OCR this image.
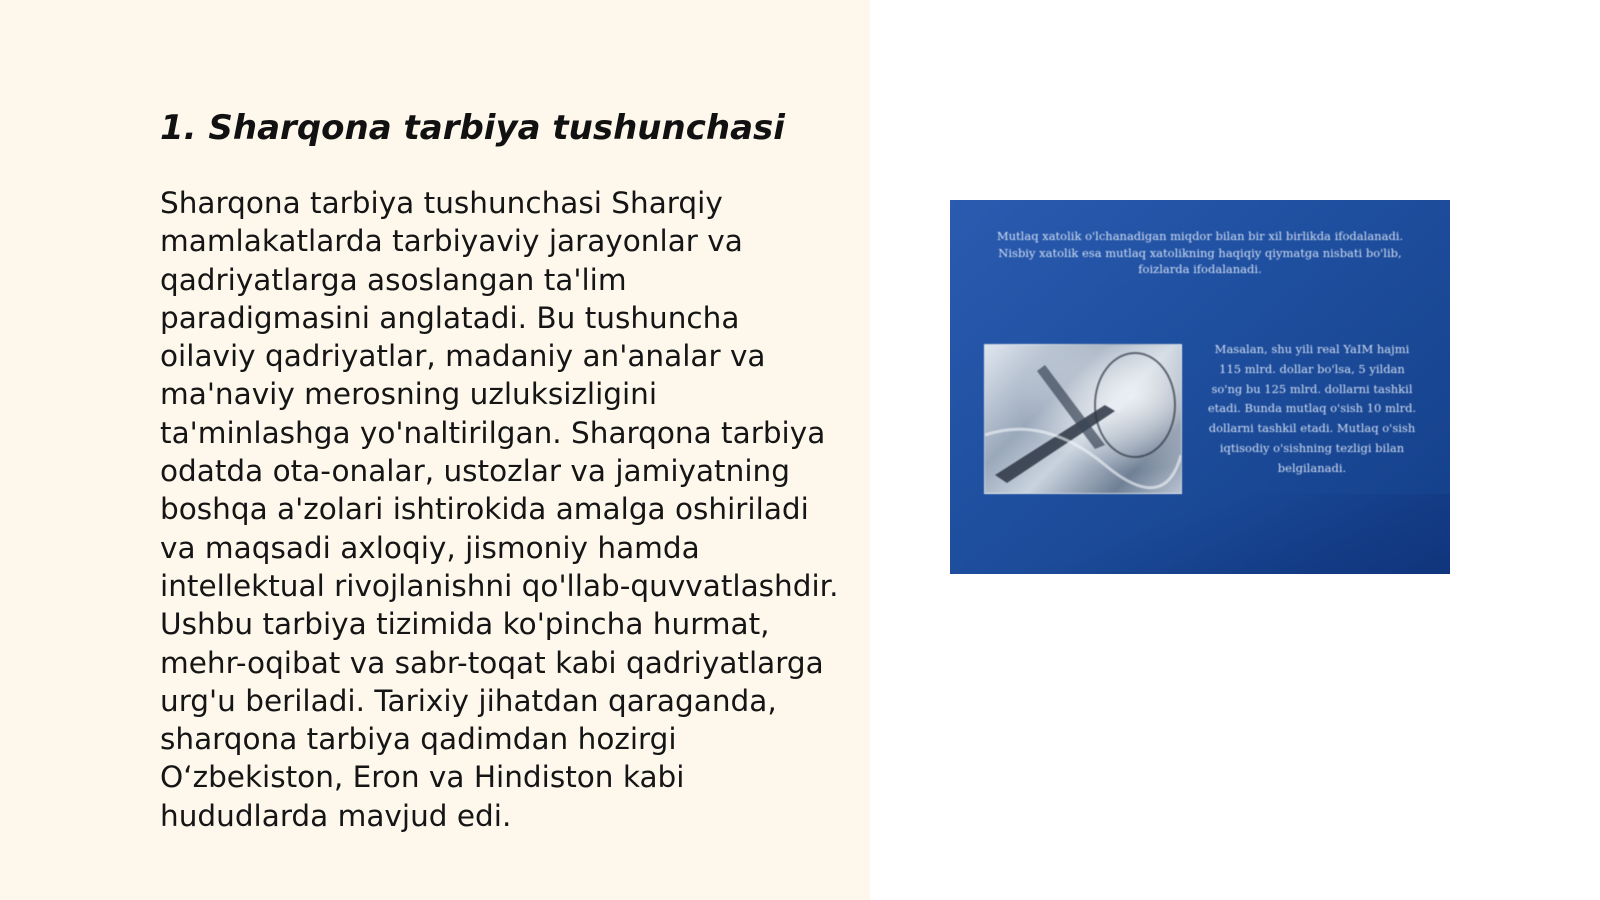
1. Sharqona tarbiya tushunchasi

Sharqona tarbiya tushunchasi Sharqiy mamlakatlarda tarbiyaviy jarayonlar va qadriyatlarga asoslangan ta'lim paradigmasini anglatadi. Bu tushuncha oilaviy qadriyatlar, madaniy an'analar va ma'naviy merosning uzluksizligini ta'minlashga yo'naltirilgan. Sharqona tarbiya odatda ota-onalar, ustozlar va jamiyatning boshqa a'zolari ishtirokida amalga oshiriladi va maqsadi axloqiy, jismoniy hamda intellektual rivojlanishni qo'llab-quvvatlashdir. Ushbu tarbiya tizimida ko'pincha hurmat, mehr-oqibat va sabr-toqat kabi qadriyatlarga urg'u beriladi. Tarixiy jihatdan qaraganda, sharqona tarbiya qadimdan hozirgi O‘zbekiston, Eron va Hindiston kabi hududlarda mavjud edi.

Mutlaq xatolik o'lchanadigan miqdor bilan bir xil birlikda ifodalanadi. Nisbiy xatolik esa mutlaq xatolikning haqiqiy qiymatga nisbati bo'lib, foizlarda ifodalanadi.

Masalan, shu yili real YaIM hajmi 115 mlrd. dollar bo'lsa, 5 yildan so'ng bu 125 mlrd. dollarni tashkil etadi. Bunda mutlaq o'sish 10 mlrd. dollarni tashkil etadi. Mutlaq o'sish iqtisodiy o'sishning tezligi bilan belgilanadi.
